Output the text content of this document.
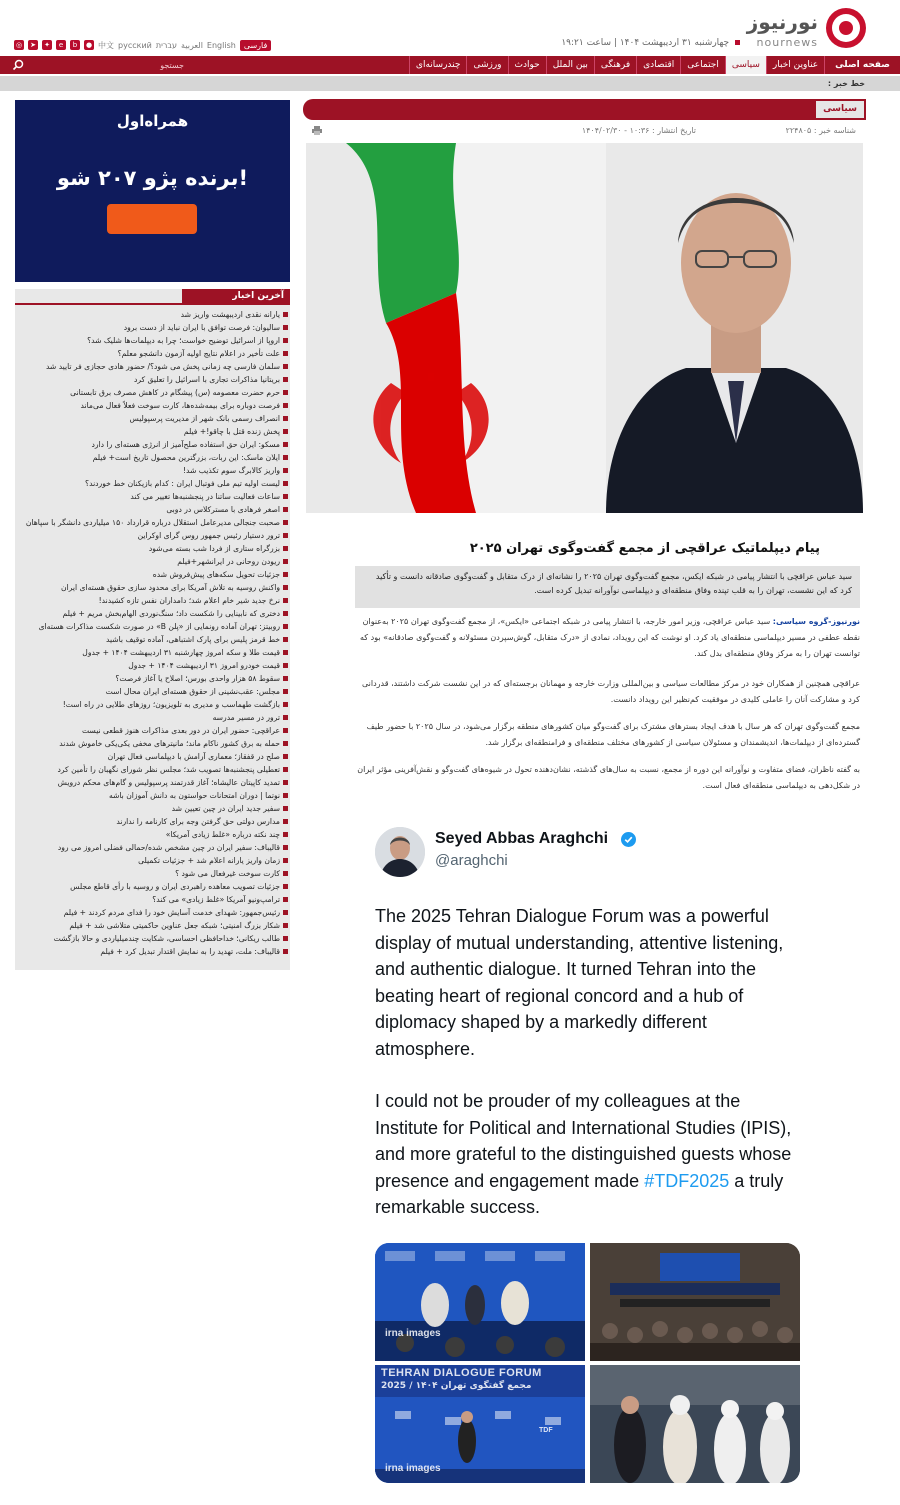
نورنیوز
nournews
چهارشنبه ۳۱ اردیبهشت ۱۴۰۴ | ساعت ۱۹:۲۱
◎ ➤ ✦	e	b	● 中文 русский עברית العربية English	فارسی
صفحه اصلی
عناوین اخبار
سیاسی
اجتماعی
اقتصادی
فرهنگی
بین الملل
حوادث
ورزشی
چندرسانه‌ای
جستجو
خط خبر :
همراه‌اول
برنده پژو ۲۰۷ شو!
آخرین اخبار
یارانه نقدی اردیبهشت واریز شد
سالیوان: فرصت توافق با ایران نباید از دست برود
اروپا از اسرائیل توضیح خواست؛ چرا به دیپلمات‌ها شلیک شد؟
علت تأخیر در اعلام نتایج اولیه آزمون دانشجو معلم؟
سلمان فارسی چه زمانی پخش می شود؟/ حضور هادی حجازی فر تایید شد
بریتانیا مذاکرات تجاری با اسرائیل را تعلیق کرد
حرم حضرت معصومه (س) پیشگام در کاهش مصرف برق تابستانی
فرصت دوباره برای بیمه‌شده‌ها، کارت سوخت فعلاً فعال می‌ماند
انصراف رسمی بانک شهر از مدیریت پرسپولیس
پخش زنده قتل با چاقو!+ فیلم
مسکو: ایران حق استفاده صلح‌آمیز از انرژی هسته‌ای را دارد
ایلان ماسک: این ربات، بزرگترین محصول تاریخ است+ فیلم
واریز کالابرگ سوم تکذیب شد!
لیست اولیه تیم ملی فوتبال ایران : کدام بازیکنان خط خوردند؟
ساعات فعالیت ساتنا در پنجشنبه‌ها تغییر می کند
اصغر فرهادی با مسترکلاس در دوبی
صحبت جنجالی مدیرعامل استقلال درباره قرارداد ۱۵۰ میلیاردی دانشگر با سپاهان
ترور دستیار رئیس جمهور روس گرای اوکراین
بزرگراه ستاری از فردا شب بسته می‌شود
ریودن روحانی در ایرانشهر+فیلم
جزئیات تحویل سکه‌های پیش‌فروش شده
واکنش روسیه به تلاش آمریکا برای محدود سازی حقوق هسته‌ای ایران
نرخ جدید شیر خام اعلام شد؛ دامداران نفس تازه کشیدند!
دختری که نابینایی را شکست داد؛ سنگ‌نوردی الهام‌بخش مریم + فیلم
روبیتز: تهران آماده رونمایی از «پلن B» در صورت شکست مذاکرات هسته‌ای
خط قرمز پلیس برای پارک اشتباهی، آماده توقیف باشید
قیمت طلا و سکه امروز چهارشنبه ۳۱ اردیبهشت ۱۴۰۴ + جدول
قیمت خودرو امروز ۳۱ اردیبهشت ۱۴۰۴ + جدول
سقوط ۵۸ هزار واحدی بورس؛ اصلاح یا آغاز فرصت؟
مجلس: عقب‌نشینی از حقوق هسته‌ای ایران محال است
بازگشت طهماسب و مدیری به تلویزیون؛ روزهای طلایی در راه است!
ترور در مسیر مدرسه
عراقچی: حضور ایران در دور بعدی مذاکرات هنوز قطعی نیست
حمله به برق کشور ناکام ماند؛ مانیترهای مخفی یکی‌یکی خاموش شدند
صلح در قفقاز؛ معماری آرامش با دیپلماسی فعال تهران
تعطیلی پنجشنبه‌ها تصویب شد؛ مجلس نظر شورای نگهبان را تأمین کرد
تمدید کاپیتان عالیشاه؛ آغاز قدرتمند پرسپولیس و گام‌های محکم درویش
نوتما | دوران امتحانات حواستون به دانش آموزان باشه
سفیر جدید ایران در چین تعیین شد
مدارس دولتی حق گرفتن وجه برای کارنامه را ندارند
چند نکته درباره «غلط زیادی آمریکا»
قالیباف: سفیر ایران در چین مشخص شده/حمالی فضلی امروز می رود
زمان واریز یارانه اعلام شد + جزئیات تکمیلی
کارت سوخت غیرفعال می شود ؟
جزئیات تصویب معاهده راهبردی ایران و روسیه با رأی قاطع مجلس
ترامپ‌ونیو آمریکا «غلط زیادی» می کند؟
رئیس‌جمهور: شهدای خدمت آسایش خود را فدای مردم کردند + فیلم
شکار بزرگ امنیتی؛ شبکه جعل عناوین حاکمیتی متلاشی شد + فیلم
طالب ریکانی؛ خداحافظی احساسی، شکایت چندمیلیاردی و حالا بازگشت
قالیباف: ملت، تهدید را به نمایش اقتدار تبدیل کرد + فیلم
سیاسی
شناسه خبر : ۲۲۴۸۰۵
تاریخ انتشار : ۱۰:۳۶ - ۱۴۰۴/۰۲/۳۰
پیام دیپلماتیک عراقچی از مجمع گفت‌وگوی تهران ۲۰۲۵
سید عباس عراقچی با انتشار پیامی در شبکه ایکس، مجمع گفت‌وگوی تهران ۲۰۲۵ را نشانه‌ای از درک متقابل و گفت‌وگوی صادقانه دانست و تأکید کرد که این نشست، تهران را به قلب تپنده وفاق منطقه‌ای و دیپلماسی نوآورانه تبدیل کرده است.
نورنیوز-گروه سیاسی: سید عباس عراقچی، وزیر امور خارجه، با انتشار پیامی در شبکه اجتماعی «ایکس»، از مجمع گفت‌وگوی تهران ۲۰۲۵ به‌عنوان نقطه عطفی در مسیر دیپلماسی منطقه‌ای یاد کرد. او نوشت که این رویداد، نمادی از «درک متقابل، گوش‌سپردن مسئولانه و گفت‌وگوی صادقانه» بود که توانست تهران را به مرکز وفاق منطقه‌ای بدل کند.
عراقچی همچنین از همکاران خود در مرکز مطالعات سیاسی و بین‌المللی وزارت خارجه و مهمانان برجسته‌ای که در این نشست شرکت داشتند، قدردانی کرد و مشارکت آنان را عاملی کلیدی در موفقیت کم‌نظیر این رویداد دانست.
مجمع گفت‌وگوی تهران که هر سال با هدف ایجاد بسترهای مشترک برای گفت‌وگو میان کشورهای منطقه برگزار می‌شود، در سال ۲۰۲۵ با حضور طیف گسترده‌ای از دیپلمات‌ها، اندیشمندان و مسئولان سیاسی از کشورهای مختلف منطقه‌ای و فرامنطقه‌ای برگزار شد.
به گفته ناظران، فضای متفاوت و نوآورانه این دوره از مجمع، نسبت به سال‌های گذشته، نشان‌دهنده تحول در شیوه‌های گفت‌وگو و نقش‌آفرینی مؤثر ایران در شکل‌دهی به دیپلماسی منطقه‌ای فعال است.
Seyed Abbas Araghchi
@araghchi

The 2025 Tehran Dialogue Forum was a powerful display of mutual understanding, attentive listening, and authentic dialogue. It turned Tehran into the beating heart of regional concord and a hub of diplomacy shaped by a markedly different atmosphere.

I could not be prouder of my colleagues at the Institute for Political and International Studies (IPIS), and more grateful to the distinguished guests whose presence and engagement made #TDF2025 a truly remarkable success.

irna images
TEHRAN DIALOGUE FORUM
مجمع گفتگوی تهران ۱۴۰۴ / 2025
TDF
irna images
